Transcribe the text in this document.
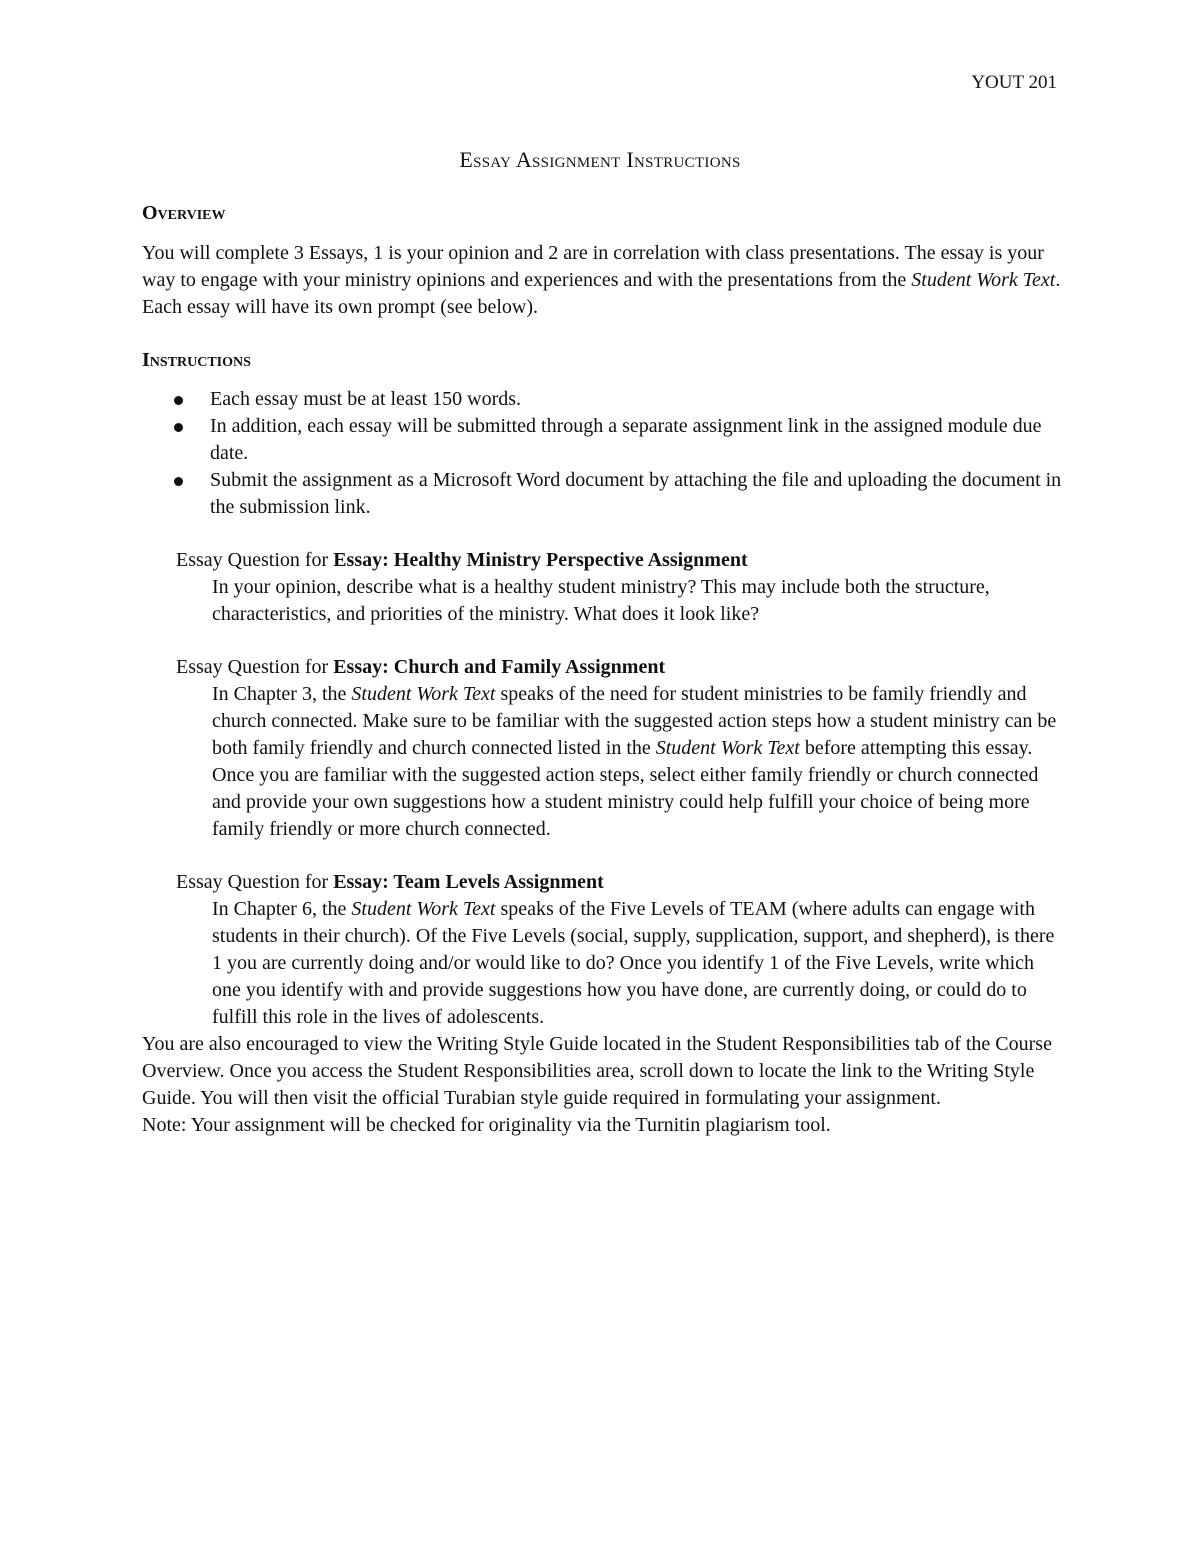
YOUT 201
Essay Assignment Instructions
Overview

You will complete 3 Essays, 1 is your opinion and 2 are in correlation with class presentations. The essay is your way to engage with your ministry opinions and experiences and with the presentations from the Student Work Text. Each essay will have its own prompt (see below).

Instructions
Each essay must be at least 150 words.
In addition, each essay will be submitted through a separate assignment link in the assigned module due date.
Submit the assignment as a Microsoft Word document by attaching the file and uploading the document in the submission link.
Essay Question for Essay: Healthy Ministry Perspective Assignment
In your opinion, describe what is a healthy student ministry? This may include both the structure, characteristics, and priorities of the ministry. What does it look like?
Essay Question for Essay: Church and Family Assignment
In Chapter 3, the Student Work Text speaks of the need for student ministries to be family friendly and church connected. Make sure to be familiar with the suggested action steps how a student ministry can be both family friendly and church connected listed in the Student Work Text before attempting this essay. Once you are familiar with the suggested action steps, select either family friendly or church connected and provide your own suggestions how a student ministry could help fulfill your choice of being more family friendly or more church connected.
Essay Question for Essay: Team Levels Assignment
In Chapter 6, the Student Work Text speaks of the Five Levels of TEAM (where adults can engage with students in their church). Of the Five Levels (social, supply, supplication, support, and shepherd), is there 1 you are currently doing and/or would like to do? Once you identify 1 of the Five Levels, write which one you identify with and provide suggestions how you have done, are currently doing, or could do to fulfill this role in the lives of adolescents.

You are also encouraged to view the Writing Style Guide located in the Student Responsibilities tab of the Course Overview. Once you access the Student Responsibilities area, scroll down to locate the link to the Writing Style Guide. You will then visit the official Turabian style guide required in formulating your assignment.

Note: Your assignment will be checked for originality via the Turnitin plagiarism tool.
